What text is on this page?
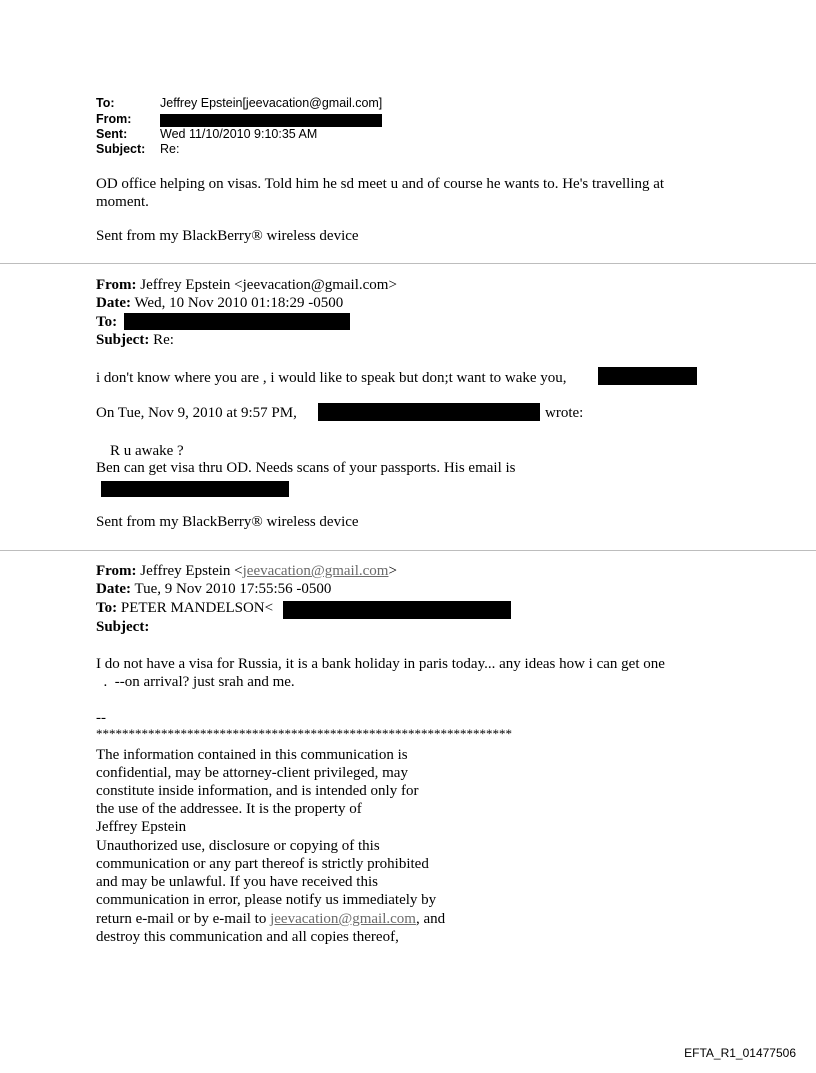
To:	Jeffrey Epstein[jeevacation@gmail.com]
From:
Sent:	Wed 11/10/2010 9:10:35 AM
Subject: Re:
OD office helping on visas. Told him he sd meet u and of course he wants to. He's travelling at
moment.
Sent from my BlackBerry® wireless device
From: Jeffrey Epstein <jeevacation@gmail.com>
Date: Wed, 10 Nov 2010 01:18:29 -0500
To:
Subject: Re:
i don't know where you are , i would like to speak but don;t want to wake you,
On Tue, Nov 9, 2010 at 9:57 PM,	wrote:
R u awake ?
Ben can get visa thru OD. Needs scans of your passports. His email is
Sent from my BlackBerry® wireless device
From: Jeffrey Epstein <jeevacation@gmail.com>
Date: Tue, 9 Nov 2010 17:55:56 -0500
To: PETER MANDELSON<
Subject:
I do not have a visa for Russia, it is a bank holiday in paris today... any ideas how i can get one
.  --on arrival? just srah and me.
--
****************************************************************
The information contained in this communication is
confidential, may be attorney-client privileged, may
constitute inside information, and is intended only for
the use of the addressee. It is the property of
Jeffrey Epstein
Unauthorized use, disclosure or copying of this
communication or any part thereof is strictly prohibited
and may be unlawful. If you have received this
communication in error, please notify us immediately by
return e-mail or by e-mail to jeevacation@gmail.com, and
destroy this communication and all copies thereof,
EFTA_R1_01477506
